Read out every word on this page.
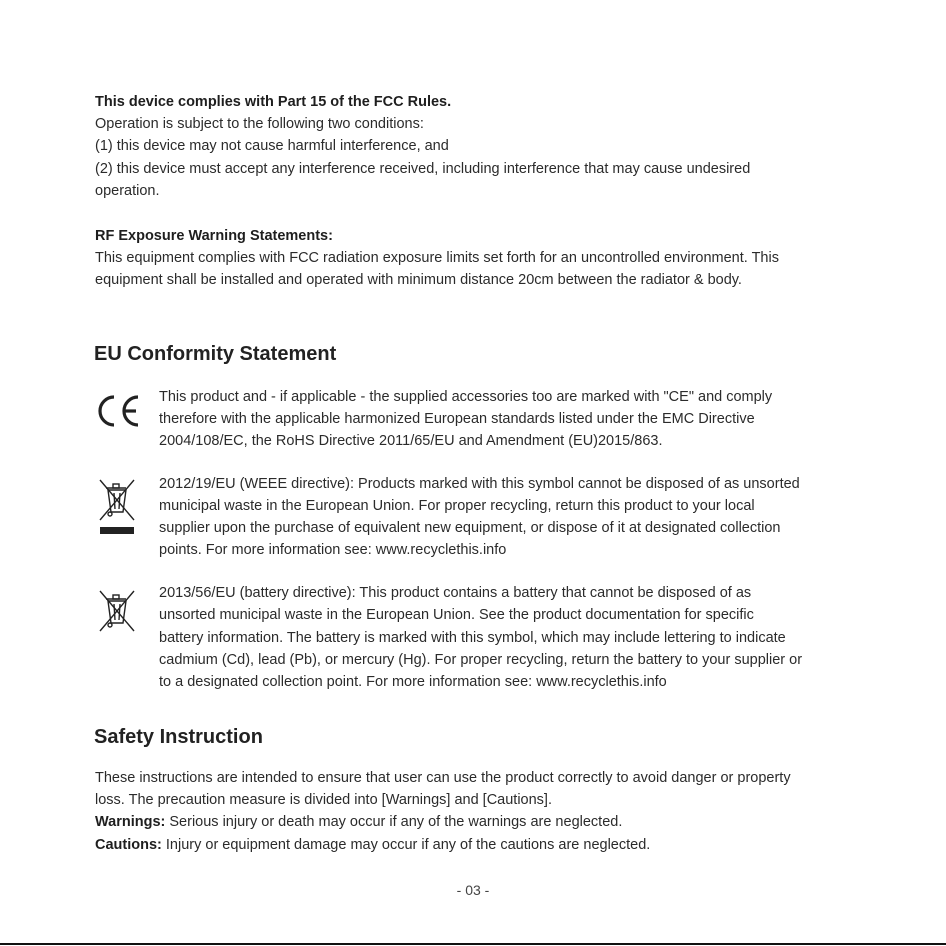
This device complies with Part 15 of the FCC Rules.
Operation is subject to the following two conditions:
(1) this device may not cause harmful interference, and
(2) this device must accept any interference received, including interference that may cause undesired
operation.
RF Exposure Warning Statements:
This equipment complies with FCC radiation exposure limits set forth for an uncontrolled environment. This
equipment shall be installed and operated with minimum distance 20cm between the radiator & body.
EU Conformity Statement
CE	This product and - if applicable - the supplied accessories too are marked with "CE" and comply
therefore with the applicable harmonized European standards listed under the EMC Directive
2004/108/EC, the RoHS Directive 2011/65/EU and Amendment (EU)2015/863.
2012/19/EU (WEEE directive): Products marked with this symbol cannot be disposed of as unsorted
municipal waste in the European Union. For proper recycling, return this product to your local
supplier upon the purchase of equivalent new equipment, or dispose of it at designated collection
points. For more information see: www.recyclethis.info
2013/56/EU (battery directive): This product contains a battery that cannot be disposed of as
unsorted municipal waste in the European Union. See the product documentation for specific
battery information. The battery is marked with this symbol, which may include lettering to indicate
cadmium (Cd), lead (Pb), or mercury (Hg). For proper recycling, return the battery to your supplier or
to a designated collection point. For more information see: www.recyclethis.info
Safety Instruction
These instructions are intended to ensure that user can use the product correctly to avoid danger or property
loss. The precaution measure is divided into [Warnings] and [Cautions].
Warnings: Serious injury or death may occur if any of the warnings are neglected.
Cautions: Injury or equipment damage may occur if any of the cautions are neglected.
- 03 -
